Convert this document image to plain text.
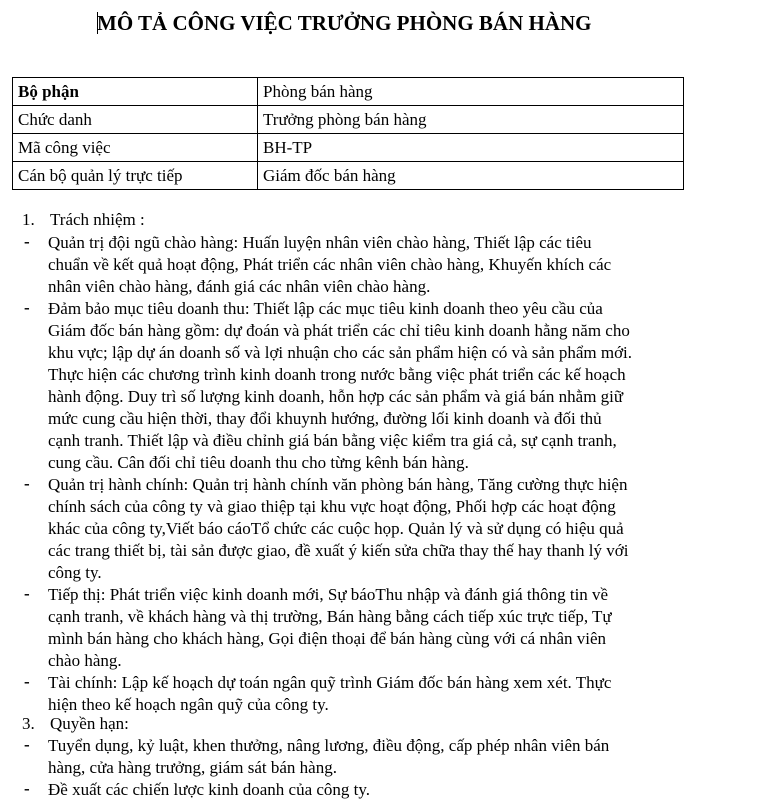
MÔ TẢ CÔNG VIỆC TRƯỞNG PHÒNG BÁN HÀNG
Bộ phận	Phòng bán hàng
Chức danh	Trưởng phòng bán hàng
Mã công việc	BH-TP
Cán bộ quản lý trực tiếp	Giám đốc bán hàng
1. Trách nhiệm :
- Quản trị đội ngũ chào hàng: Huấn luyện nhân viên chào hàng, Thiết lập các tiêu
chuẩn về kết quả hoạt động, Phát triển các nhân viên chào hàng, Khuyến khích các
nhân viên chào hàng, đánh giá các nhân viên chào hàng.
- Đảm bảo mục tiêu doanh thu: Thiết lập các mục tiêu kinh doanh theo yêu cầu của
Giám đốc bán hàng gồm: dự đoán và phát triển các chỉ tiêu kinh doanh hằng năm cho
khu vực; lập dự án doanh số và lợi nhuận cho các sản phẩm hiện có và sản phẩm mới.
Thực hiện các chương trình kinh doanh trong nước bằng việc phát triển các kế hoạch
hành động. Duy trì số lượng kinh doanh, hỗn hợp các sản phẩm và giá bán nhằm giữ
mức cung cầu hiện thời, thay đổi khuynh hướng, đường lối kinh doanh và đối thủ
cạnh tranh. Thiết lập và điều chỉnh giá bán bằng việc kiểm tra giá cả, sự cạnh tranh,
cung cầu. Cân đối chỉ tiêu doanh thu cho từng kênh bán hàng.
- Quản trị hành chính: Quản trị hành chính văn phòng bán hàng, Tăng cường thực hiện
chính sách của công ty và giao thiệp tại khu vực hoạt động, Phối hợp các hoạt động
khác của công ty,Viết báo cáoTổ chức các cuộc họp. Quản lý và sử dụng có hiệu quả
các trang thiết bị, tài sản được giao, đề xuất ý kiến sửa chữa thay thế hay thanh lý với
công ty.
- Tiếp thị: Phát triển việc kinh doanh mới, Sự báoThu nhập và đánh giá thông tin về
cạnh tranh, về khách hàng và thị trường, Bán hàng bằng cách tiếp xúc trực tiếp, Tự
mình bán hàng cho khách hàng, Gọi điện thoại để bán hàng cùng với cá nhân viên
chào hàng.
- Tài chính: Lập kế hoạch dự toán ngân quỹ trình Giám đốc bán hàng xem xét. Thực
hiện theo kế hoạch ngân quỹ của công ty.
3. Quyền hạn:
- Tuyển dụng, kỷ luật, khen thưởng, nâng lương, điều động, cấp phép nhân viên bán
hàng, cửa hàng trưởng, giám sát bán hàng.
- Đề xuất các chiến lược kinh doanh của công ty.
